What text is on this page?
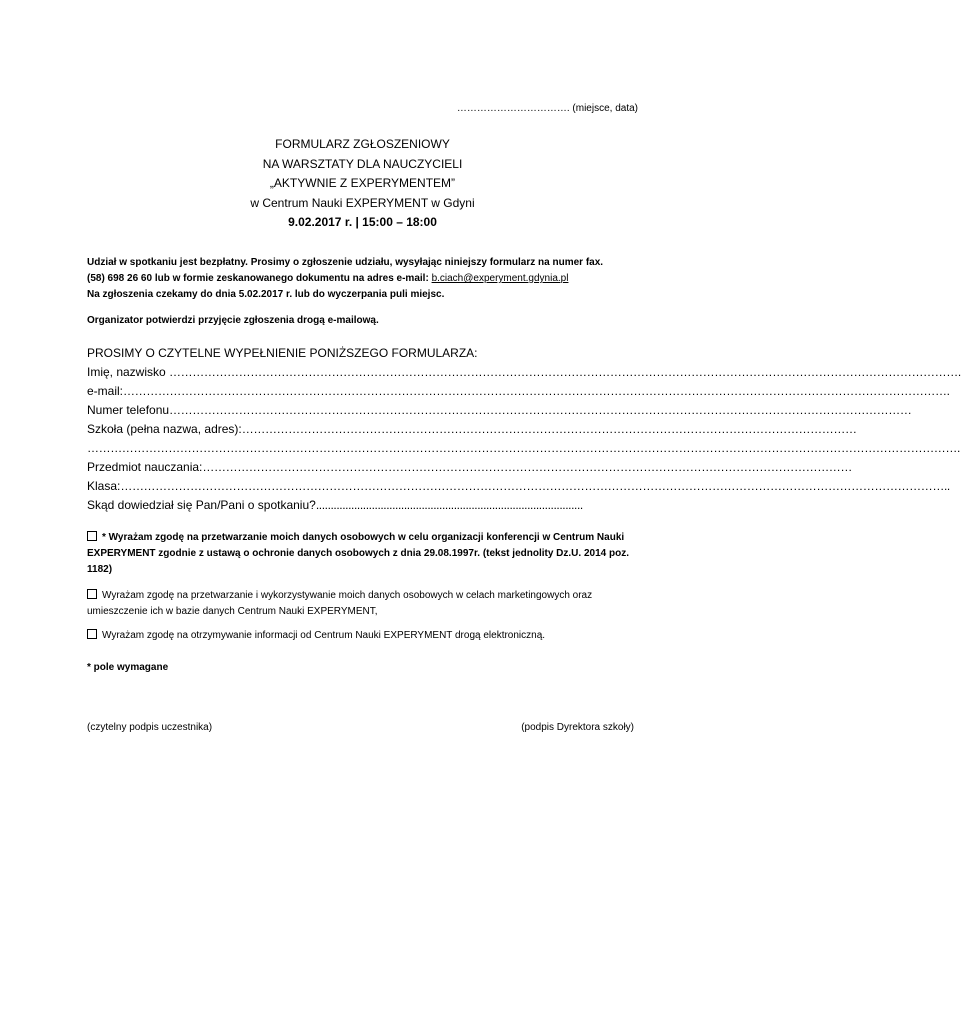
……………………………. (miejsce, data)
FORMULARZ ZGŁOSZENIOWY
NA WARSZTATY DLA NAUCZYCIELI
„AKTYWNIE Z EXPERYMENTEM”
w Centrum Nauki EXPERYMENT w Gdyni
9.02.2017 r. | 15:00 – 18:00
Udział w spotkaniu jest bezpłatny. Prosimy o zgłoszenie udziału, wysyłając niniejszy formularz na numer fax.
(58) 698 26 60 lub w formie zeskanowanego dokumentu na adres e-mail: b.ciach@experyment.gdynia.pl
Na zgłoszenia czekamy do dnia 5.02.2017 r. lub do wyczerpania puli miejsc.
Organizator potwierdzi przyjęcie zgłoszenia drogą e-mailową.
PROSIMY O CZYTELNE WYPEŁNIENIE PONIŻSZEGO FORMULARZA:
Imię, nazwisko …………………………………………………………………………………………………………………………………………………………………………………….
e-mail:…………………………………………………………………………………………………………………………………………………………………………………………….
Numer telefonu…………………………………………………………………………………………………………………………………………………………………………
Szkoła (pełna nazwa, adres):……………………………………………………………………………………………………………………………………………
……………………………………………………………………………………………………………………………………………………………………………………………………….
Przedmiot nauczania:……………………………………………………………………………………………………………………………………………………
Klasa:……………………………………………………………………………………………………………………………………………………………………………………………..
Skąd dowiedział się Pan/Pani o spotkaniu?...........................................................................................
* Wyrażam zgodę na przetwarzanie moich danych osobowych w celu organizacji konferencji w Centrum Nauki EXPERYMENT zgodnie z ustawą o ochronie danych osobowych z dnia 29.08.1997r. (tekst jednolity Dz.U. 2014 poz. 1182)
Wyrażam zgodę na przetwarzanie i wykorzystywanie moich danych osobowych w celach marketingowych oraz umieszczenie ich w bazie danych Centrum Nauki EXPERYMENT,
Wyrażam zgodę na otrzymywanie informacji od Centrum Nauki EXPERYMENT drogą elektroniczną.
* pole wymagane
(czytelny podpis uczestnika)	(podpis Dyrektora szkoły)
